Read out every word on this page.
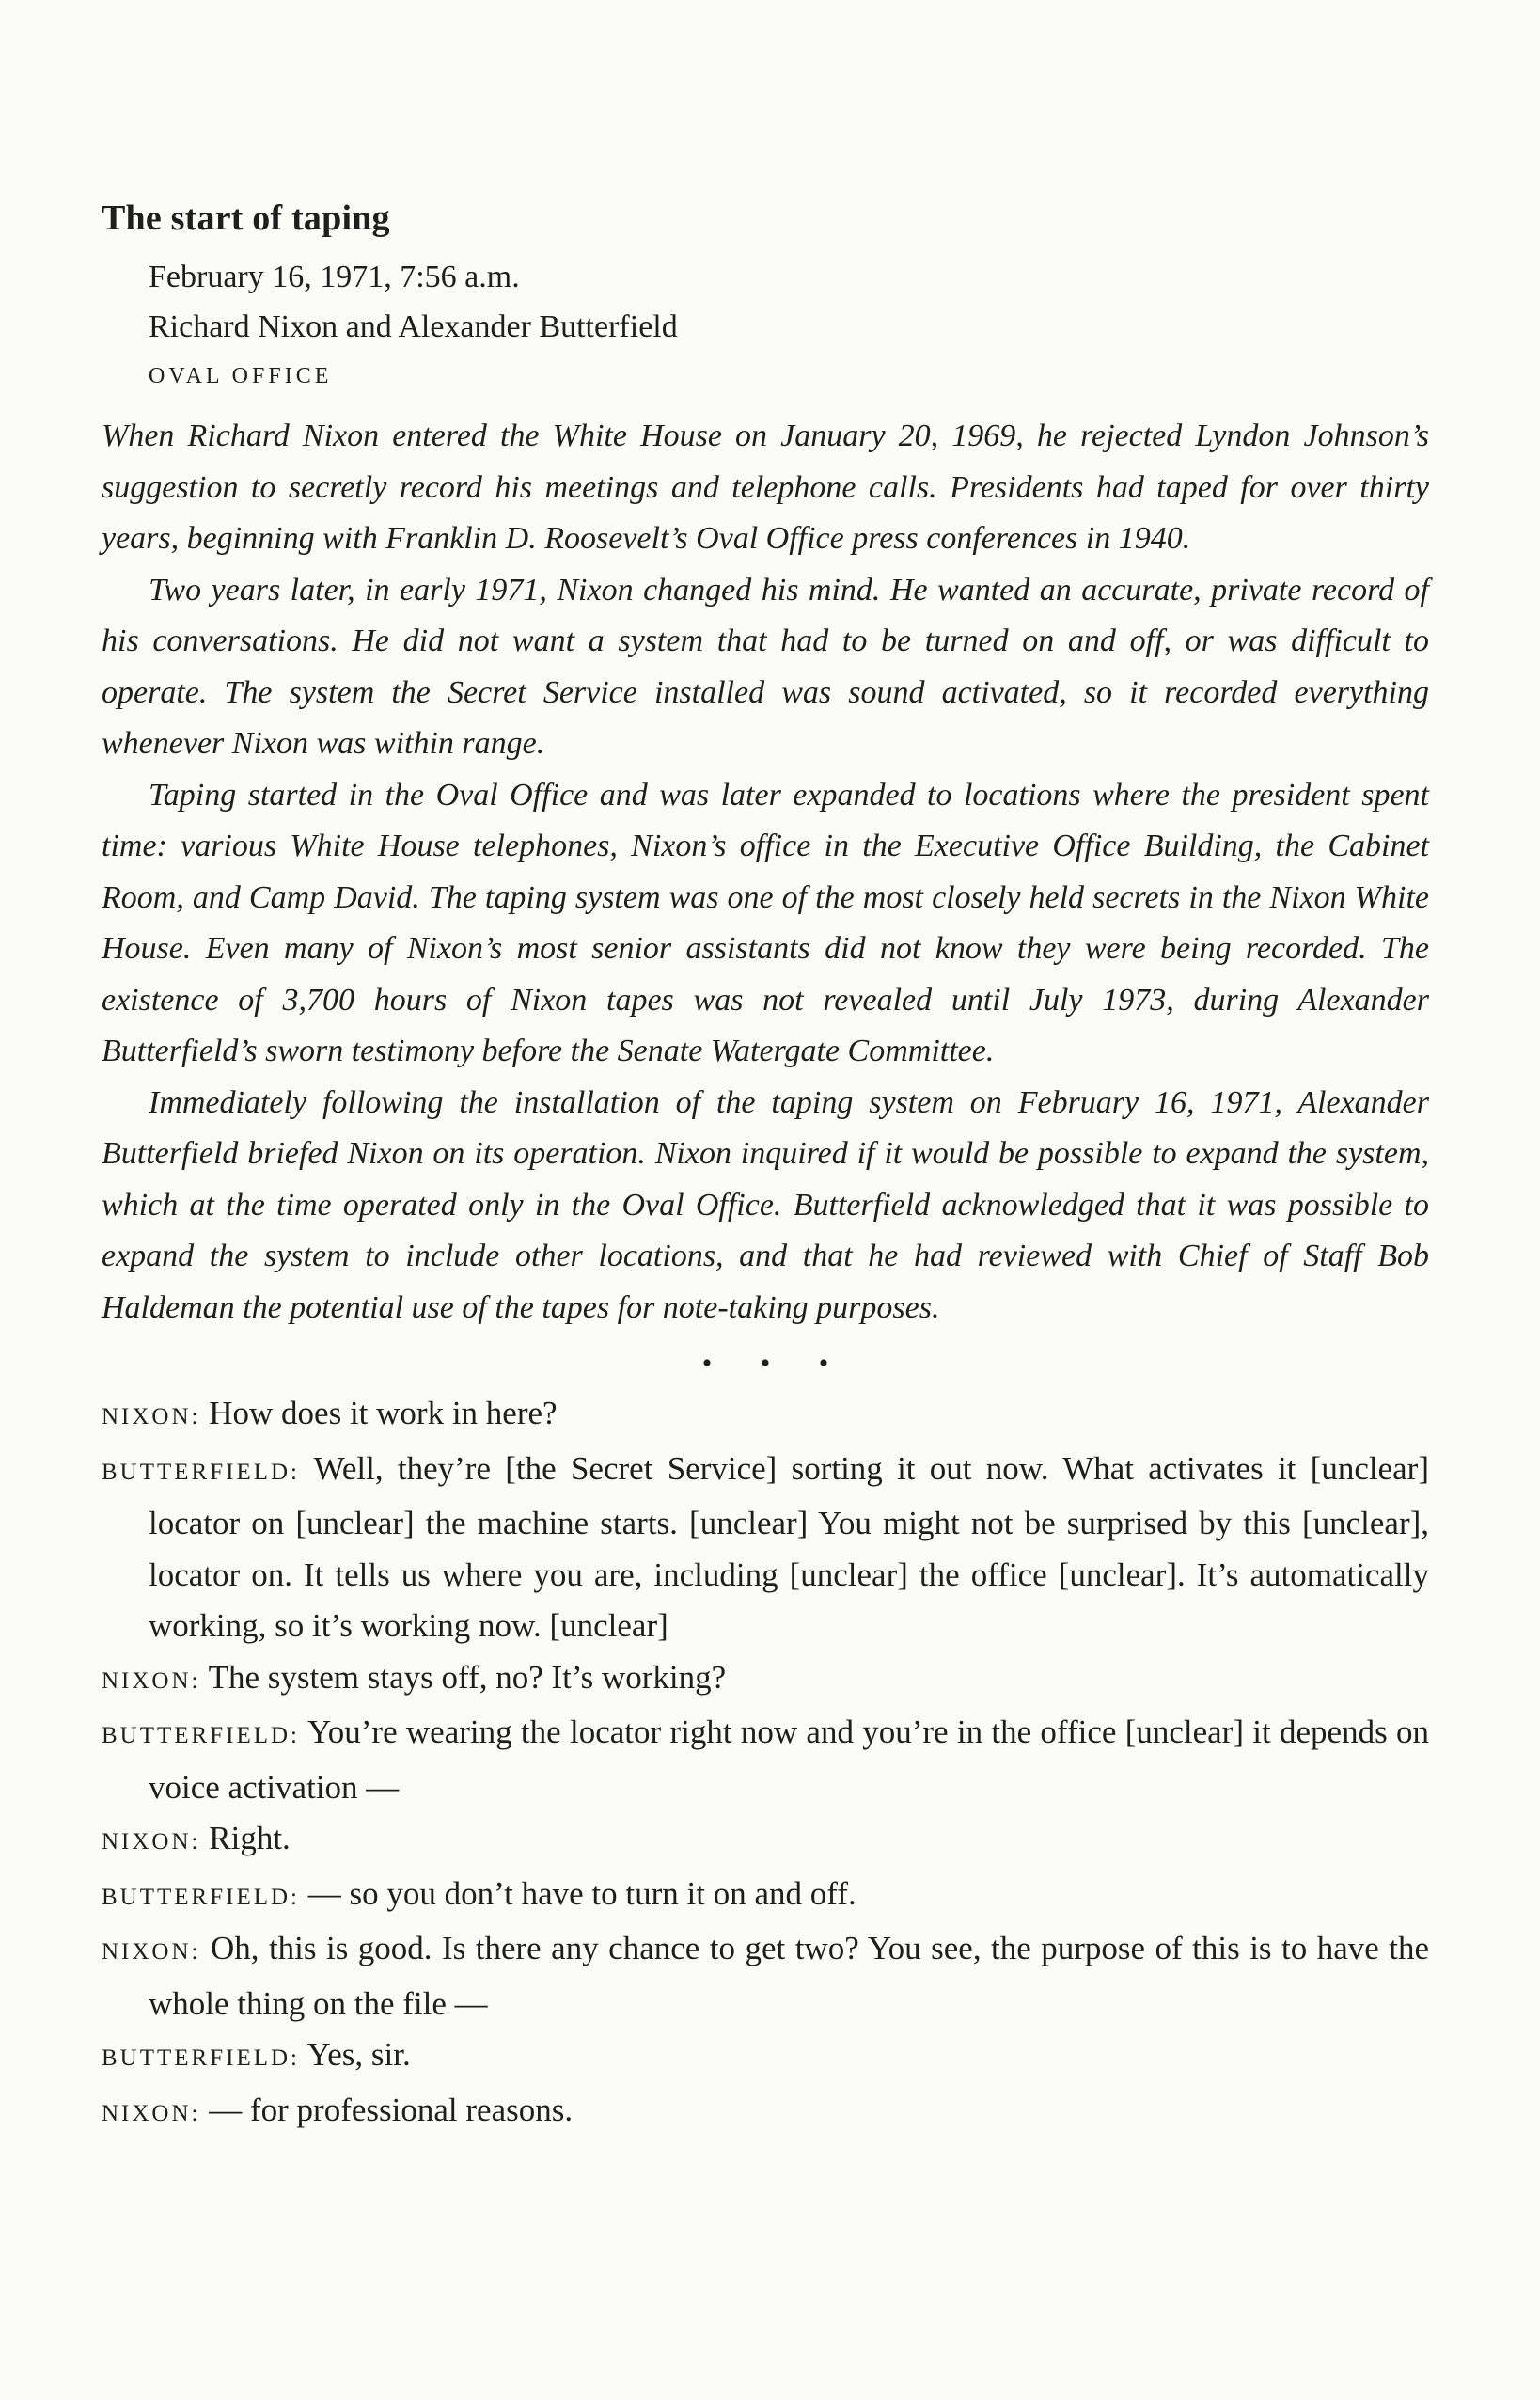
The start of taping
February 16, 1971, 7:56 a.m.
Richard Nixon and Alexander Butterfield
OVAL OFFICE

When Richard Nixon entered the White House on January 20, 1969, he rejected Lyndon Johnson’s suggestion to secretly record his meetings and telephone calls. Presidents had taped for over thirty years, beginning with Franklin D. Roosevelt’s Oval Office press conferences in 1940.

Two years later, in early 1971, Nixon changed his mind. He wanted an accurate, private record of his conversations. He did not want a system that had to be turned on and off, or was difficult to operate. The system the Secret Service installed was sound activated, so it recorded everything whenever Nixon was within range.

Taping started in the Oval Office and was later expanded to locations where the president spent time: various White House telephones, Nixon’s office in the Executive Office Building, the Cabinet Room, and Camp David. The taping system was one of the most closely held secrets in the Nixon White House. Even many of Nixon’s most senior assistants did not know they were being recorded. The existence of 3,700 hours of Nixon tapes was not revealed until July 1973, during Alexander Butterfield’s sworn testimony before the Senate Watergate Committee.

Immediately following the installation of the taping system on February 16, 1971, Alexander Butterfield briefed Nixon on its operation. Nixon inquired if it would be possible to expand the system, which at the time operated only in the Oval Office. Butterfield acknowledged that it was possible to expand the system to include other locations, and that he had reviewed with Chief of Staff Bob Haldeman the potential use of the tapes for note-taking purposes.

• • •

NIXON: How does it work in here?

BUTTERFIELD: Well, they’re [the Secret Service] sorting it out now. What activates it [unclear] locator on [unclear] the machine starts. [unclear] You might not be surprised by this [unclear], locator on. It tells us where you are, including [unclear] the office [unclear]. It’s automatically working, so it’s working now. [unclear]

NIXON: The system stays off, no? It’s working?

BUTTERFIELD: You’re wearing the locator right now and you’re in the office [unclear] it depends on voice activation —

NIXON: Right.

BUTTERFIELD: — so you don’t have to turn it on and off.

NIXON: Oh, this is good. Is there any chance to get two? You see, the purpose of this is to have the whole thing on the file —

BUTTERFIELD: Yes, sir.

NIXON: — for professional reasons.
